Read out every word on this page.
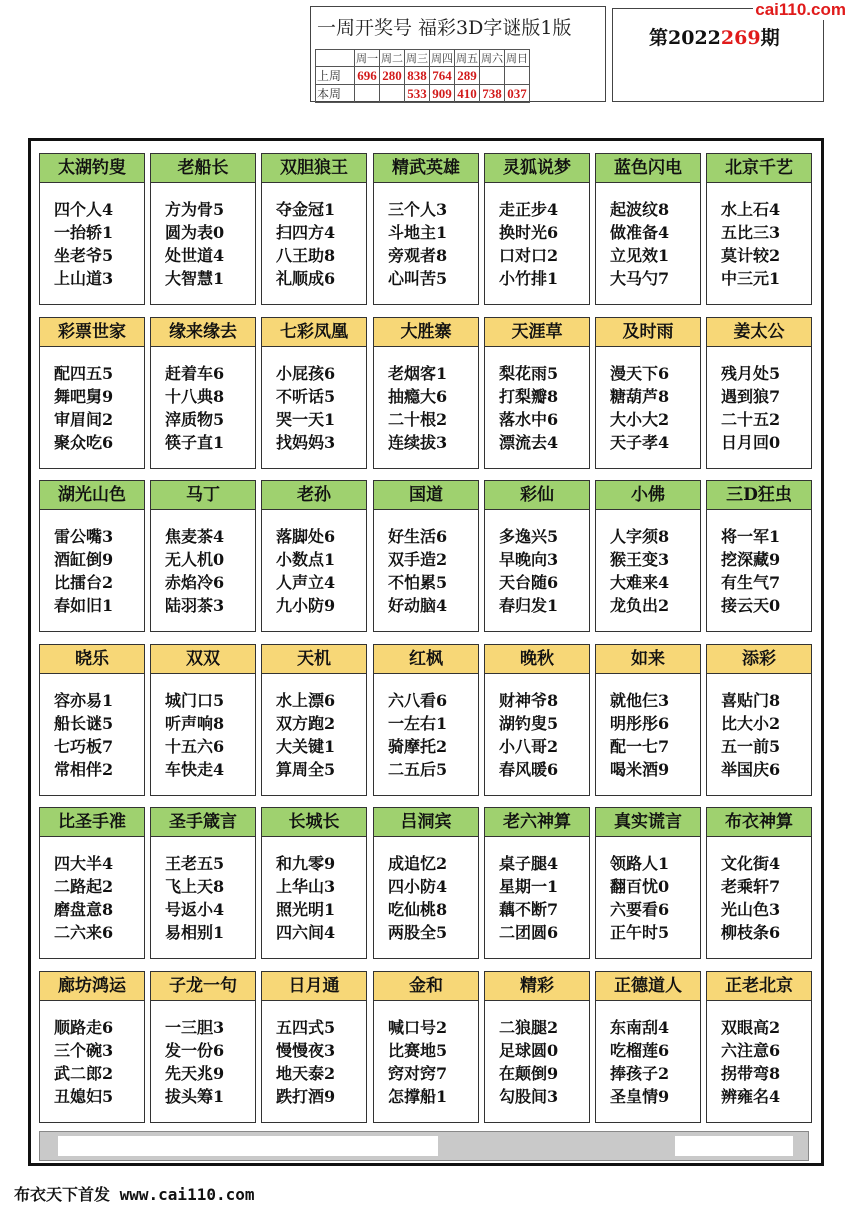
一周开奖号 福彩3D字谜版1版
	周一	周二	周三	周四	周五	周六	周日
上周	696	280	838	764	289		
本周			533	909	410	738	037
第2022269期
cai110.com
太湖钓叟
四个人4
一抬轿1
坐老爷5
上山道3
老船长
方为骨5
圆为表0
处世道4
大智慧1
双胆狼王
夺金冠1
扫四方4
八王助8
礼顺成6
精武英雄
三个人3
斗地主1
旁观者8
心叫苦5
灵狐说梦
走正步4
换时光6
口对口2
小竹排1
蓝色闪电
起波纹8
做准备4
立见效1
大马勺7
北京千艺
水上石4
五比三3
莫计较2
中三元1
彩票世家
配四五5
舞吧舅9
审眉间2
聚众吃6
缘来缘去
赶着车6
十八典8
滓质物5
筷子直1
七彩凤凰
小屁孩6
不听话5
哭一天1
找妈妈3
大胜寨
老烟客1
抽瘾大6
二十根2
连续拔3
天涯草
梨花雨5
打梨瓣8
落水中6
漂流去4
及时雨
漫天下6
糖葫芦8
大小大2
天子孝4
姜太公
残月处5
遇到狼7
二十五2
日月回0
湖光山色
雷公嘴3
酒缸倒9
比擂台2
春如旧1
马丁
焦麦茶4
无人机0
赤焰冷6
陆羽茶3
老孙
落脚处6
小数点1
人声立4
九小防9
国道
好生活6
双手造2
不怕累5
好动脑4
彩仙
多逸兴5
早晚向3
天台随6
春归发1
小佛
人字须8
猴王变3
大难来4
龙负出2
三D狂虫
将一军1
挖深藏9
有生气7
接云天0
晓乐
容亦易1
船长谜5
七巧板7
常相伴2
双双
城门口5
听声响8
十五六6
车快走4
天机
水上漂6
双方跑2
大关键1
算周全5
红枫
六八看6
一左右1
骑摩托2
二五后5
晚秋
财神爷8
湖钓叟5
小八哥2
春风暖6
如来
就他仨3
明彤彤6
配一七7
喝米酒9
添彩
喜贴门8
比大小2
五一前5
举国庆6
比圣手准
四大半4
二路起2
磨盘意8
二六来6
圣手箴言
王老五5
飞上天8
号返小4
易相别1
长城长
和九零9
上华山3
照光明1
四六间4
吕洞宾
成追忆2
四小防4
吃仙桃8
两股全5
老六神算
桌子腿4
星期一1
藕不断7
二团圆6
真实谎言
领路人1
翻百忧0
六要看6
正午时5
布衣神算
文化街4
老乘轩7
光山色3
柳枝条6
廊坊鸿运
顺路走6
三个碗3
武二郎2
丑媳妇5
子龙一句
一三胆3
发一份6
先天兆9
拔头筹1
日月通
五四式5
慢慢夜3
地天泰2
跌打酒9
金和
喊口号2
比赛地5
窍对窍7
怎撑船1
精彩
二狼腿2
足球圆0
在颠倒9
勾股间3
正德道人
东南刮4
吃榴莲6
捧孩子2
圣皇情9
正老北京
双眼高2
六注意6
拐带弯8
辨雍名4
布衣天下首发 www.cai110.com
